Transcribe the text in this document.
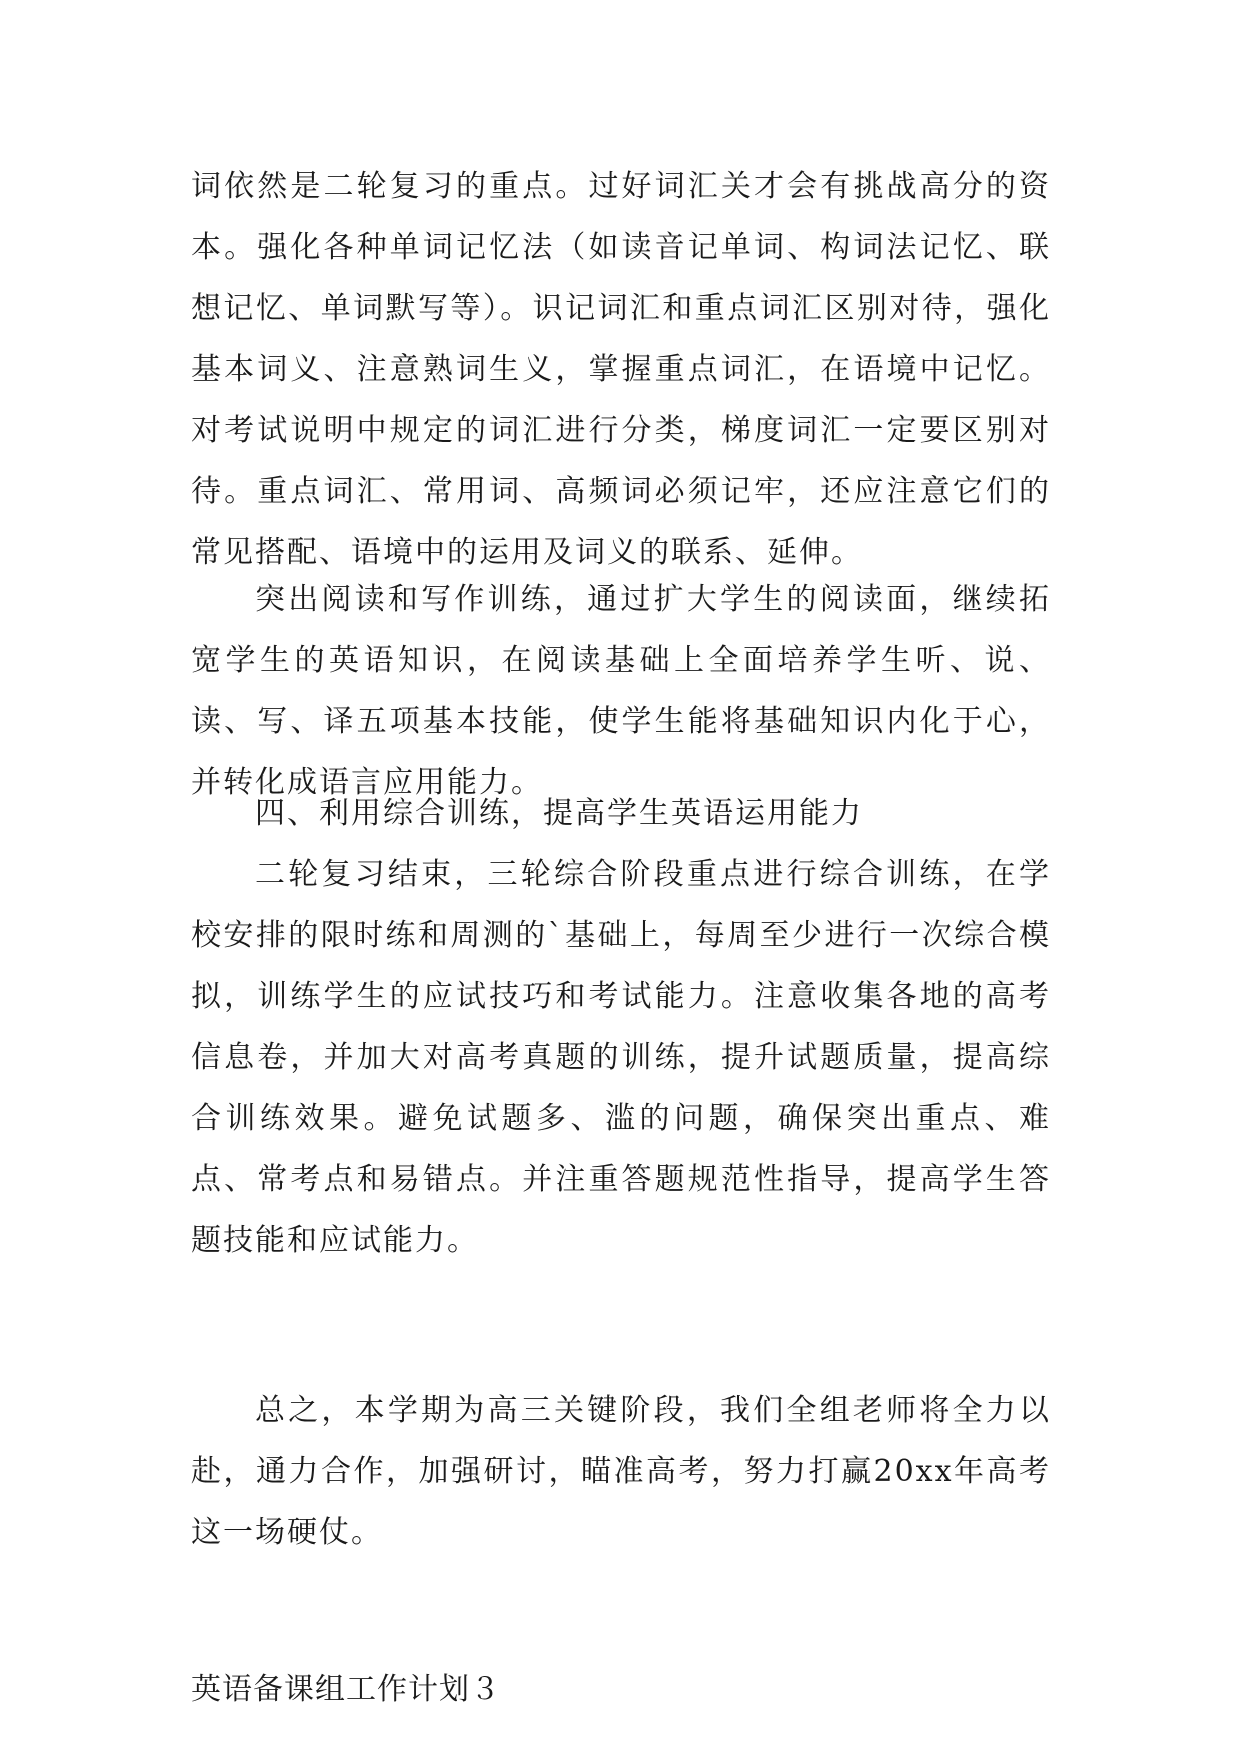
词依然是二轮复习的重点。过好词汇关才会有挑战高分的资本。强化各种单词记忆法（如读音记单词、构词法记忆、联想记忆、单词默写等）。识记词汇和重点词汇区别对待，强化基本词义、注意熟词生义，掌握重点词汇，在语境中记忆。对考试说明中规定的词汇进行分类，梯度词汇一定要区别对待。重点词汇、常用词、高频词必须记牢，还应注意它们的常见搭配、语境中的运用及词义的联系、延伸。

突出阅读和写作训练，通过扩大学生的阅读面，继续拓宽学生的英语知识，在阅读基础上全面培养学生听、说、读、写、译五项基本技能，使学生能将基础知识内化于心，并转化成语言应用能力。

四、利用综合训练，提高学生英语运用能力

二轮复习结束，三轮综合阶段重点进行综合训练，在学校安排的限时练和周测的`基础上，每周至少进行一次综合模拟，训练学生的应试技巧和考试能力。注意收集各地的高考信息卷，并加大对高考真题的训练，提升试题质量，提高综合训练效果。避免试题多、滥的问题，确保突出重点、难点、常考点和易错点。并注重答题规范性指导，提高学生答题技能和应试能力。

总之，本学期为高三关键阶段，我们全组老师将全力以赴，通力合作，加强研讨，瞄准高考，努力打赢20xx年高考这一场硬仗。

英语备课组工作计划３
